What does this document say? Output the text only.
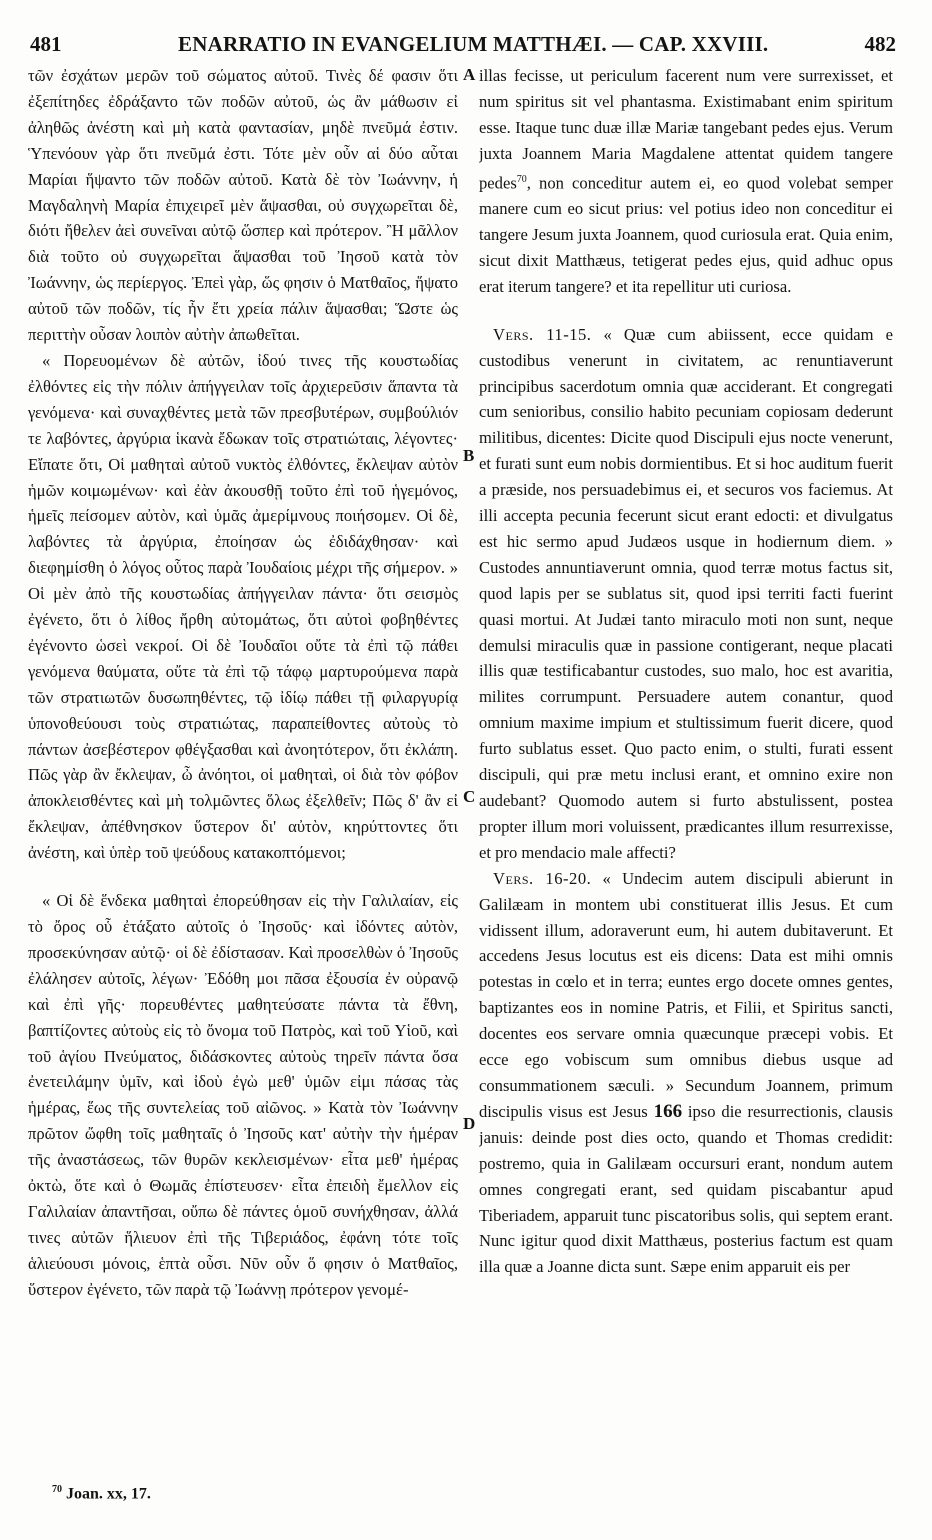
481	ENARRATIO IN EVANGELIUM MATTHÆI. — CAP. XXVIII.	482

τῶν ἐσχάτων μερῶν τοῦ σώματος αὐτοῦ. Τινὲς δέ φασιν ὅτι ἐξεπίτηδες ἐδράξαντο τῶν ποδῶν αὐτοῦ, ὡς ἂν μάθωσιν εἰ ἀληθῶς ἀνέστη καὶ μὴ κατὰ φαντασίαν, μηδὲ πνεῦμά ἐστιν. Ὑπενόουν γὰρ ὅτι πνεῦμά ἐστι. Τότε μὲν οὖν αἱ δύο αὗται Μαρίαι ἥψαντο τῶν ποδῶν αὐτοῦ. Κατὰ δὲ τὸν Ἰωάννην, ἡ Μαγδαληνὴ Μαρία ἐπιχειρεῖ μὲν ἅψασθαι, οὐ συγχωρεῖται δὲ, διότι ἤθελεν ἀεὶ συνεῖναι αὐτῷ ὥσπερ καὶ πρότερον. Ἢ μᾶλλον διὰ τοῦτο οὐ συγχωρεῖται ἅψασθαι τοῦ Ἰησοῦ κατὰ τὸν Ἰωάννην, ὡς περίεργος. Ἐπεὶ γὰρ, ὥς φησιν ὁ Ματθαῖος, ἥψατο αὐτοῦ τῶν ποδῶν, τίς ἦν ἔτι χρεία πάλιν ἅψασθαι; Ὥστε ὡς περιττὴν οὖσαν λοιπὸν αὐτὴν ἀπωθεῖται.

« Πορευομένων δὲ αὐτῶν, ἰδού τινες τῆς κουστωδίας ἐλθόντες εἰς τὴν πόλιν ἀπήγγειλαν τοῖς ἀρχιερεῦσιν ἅπαντα τὰ γενόμενα· καὶ συναχθέντες μετὰ τῶν πρεσβυτέρων, συμβούλιόν τε λαβόντες, ἀργύρια ἱκανὰ ἔδωκαν τοῖς στρατιώταις, λέγοντες· Εἴπατε ὅτι, Οἱ μαθηταὶ αὐτοῦ νυκτὸς ἐλθόντες, ἔκλεψαν αὐτὸν ἡμῶν κοιμωμένων· καὶ ἐὰν ἀκουσθῇ τοῦτο ἐπὶ τοῦ ἡγεμόνος, ἡμεῖς πείσομεν αὐτὸν, καὶ ὑμᾶς ἀμερίμνους ποιήσομεν. Οἱ δὲ, λαβόντες τὰ ἀργύρια, ἐποίησαν ὡς ἐδιδάχθησαν· καὶ διεφημίσθη ὁ λόγος οὗτος παρὰ Ἰουδαίοις μέχρι τῆς σήμερον. » Οἱ μὲν ἀπὸ τῆς κουστωδίας ἀπήγγειλαν πάντα· ὅτι σεισμὸς ἐγένετο, ὅτι ὁ λίθος ἤρθη αὐτομάτως, ὅτι αὐτοὶ φοβηθέντες ἐγένοντο ὡσεὶ νεκροί. Οἱ δὲ Ἰουδαῖοι οὔτε τὰ ἐπὶ τῷ πάθει γενόμενα θαύματα, οὔτε τὰ ἐπὶ τῷ τάφῳ μαρτυρούμενα παρὰ τῶν στρατιωτῶν δυσωπηθέντες, τῷ ἰδίῳ πάθει τῇ φιλαργυρίᾳ ὑπονοθεύουσι τοὺς στρατιώτας, παραπείθοντες αὐτοὺς τὸ πάντων ἀσεβέστερον φθέγξασθαι καὶ ἀνοητότερον, ὅτι ἐκλάπη. Πῶς γὰρ ἂν ἔκλεψαν, ὦ ἀνόητοι, οἱ μαθηταὶ, οἱ διὰ τὸν φόβον ἀποκλεισθέντες καὶ μὴ τολμῶντες ὅλως ἐξελθεῖν; Πῶς δ' ἂν εἰ ἔκλεψαν, ἀπέθνησκον ὕστερον δι' αὐτὸν, κηρύττοντες ὅτι ἀνέστη, καὶ ὑπὲρ τοῦ ψεύδους κατακοπτόμενοι;

« Οἱ δὲ ἕνδεκα μαθηταὶ ἐπορεύθησαν εἰς τὴν Γαλιλαίαν, εἰς τὸ ὄρος οὗ ἐτάξατο αὐτοῖς ὁ Ἰησοῦς· καὶ ἰδόντες αὐτὸν, προσεκύνησαν αὐτῷ· οἱ δὲ ἐδίστασαν. Καὶ προσελθὼν ὁ Ἰησοῦς ἐλάλησεν αὐτοῖς, λέγων· Ἐδόθη μοι πᾶσα ἐξουσία ἐν οὐρανῷ καὶ ἐπὶ γῆς· πορευθέντες μαθητεύσατε πάντα τὰ ἔθνη, βαπτίζοντες αὐτοὺς εἰς τὸ ὄνομα τοῦ Πατρὸς, καὶ τοῦ Υἱοῦ, καὶ τοῦ ἁγίου Πνεύματος, διδάσκοντες αὐτοὺς τηρεῖν πάντα ὅσα ἐνετειλάμην ὑμῖν, καὶ ἰδοὺ ἐγὼ μεθ' ὑμῶν εἰμι πάσας τὰς ἡμέρας, ἕως τῆς συντελείας τοῦ αἰῶνος. » Κατὰ τὸν Ἰωάννην πρῶτον ὤφθη τοῖς μαθηταῖς ὁ Ἰησοῦς κατ' αὐτὴν τὴν ἡμέραν τῆς ἀναστάσεως, τῶν θυρῶν κεκλεισμένων· εἶτα μεθ' ἡμέρας ὀκτὼ, ὅτε καὶ ὁ Θωμᾶς ἐπίστευσεν· εἶτα ἐπειδὴ ἔμελλον εἰς Γαλιλαίαν ἀπαντῆσαι, οὔπω δὲ πάντες ὁμοῦ συνήχθησαν, ἀλλά τινες αὐτῶν ἥλιευον ἐπὶ τῆς Τιβεριάδος, ἐφάνη τότε τοῖς ἁλιεύουσι μόνοις, ἑπτὰ οὖσι. Νῦν οὖν ὅ φησιν ὁ Ματθαῖος, ὕστερον ἐγένετο, τῶν παρὰ τῷ Ἰωάννῃ πρότερον γενομέ-

A
B
C
D

illas fecisse, ut periculum facerent num vere surrexisset, et num spiritus sit vel phantasma. Existimabant enim spiritum esse. Itaque tunc duæ illæ Mariæ tangebant pedes ejus. Verum juxta Joannem Maria Magdalene attentat quidem tangere pedes$^{70}$, non conceditur autem ei, eo quod volebat semper manere cum eo sicut prius: vel potius ideo non conceditur ei tangere Jesum juxta Joannem, quod curiosula erat. Quia enim, sicut dixit Matthæus, tetigerat pedes ejus, quid adhuc opus erat iterum tangere? et ita repellitur uti curiosa.

Vers. 11-15. « Quæ cum abiissent, ecce quidam e custodibus venerunt in civitatem, ac renuntiaverunt principibus sacerdotum omnia quæ acciderant. Et congregati cum senioribus, consilio habito pecuniam copiosam dederunt militibus, dicentes: Dicite quod Discipuli ejus nocte venerunt, et furati sunt eum nobis dormientibus. Et si hoc auditum fuerit a præside, nos persuadebimus ei, et securos vos faciemus. At illi accepta pecunia fecerunt sicut erant edocti: et divulgatus est hic sermo apud Judæos usque in hodiernum diem. » Custodes annuntiaverunt omnia, quod terræ motus factus sit, quod lapis per se sublatus sit, quod ipsi territi facti fuerint quasi mortui. At Judæi tanto miraculo moti non sunt, neque demulsi miraculis quæ in passione contigerant, neque placati illis quæ testificabantur custodes, suo malo, hoc est avaritia, milites corrumpunt. Persuadere autem conantur, quod omnium maxime impium et stultissimum fuerit dicere, quod furto sublatus esset. Quo pacto enim, o stulti, furati essent discipuli, qui præ metu inclusi erant, et omnino exire non audebant? Quomodo autem si furto abstulissent, postea propter illum mori voluissent, prædicantes illum resurrexisse, et pro mendacio male affecti?

Vers. 16-20. « Undecim autem discipuli abierunt in Galilæam in montem ubi constituerat illis Jesus. Et cum vidissent illum, adoraverunt eum, hi autem dubitaverunt. Et accedens Jesus locutus est eis dicens: Data est mihi omnis potestas in cœlo et in terra; euntes ergo docete omnes gentes, baptizantes eos in nomine Patris, et Filii, et Spiritus sancti, docentes eos servare omnia quæcunque præcepi vobis. Et ecce ego vobiscum sum omnibus diebus usque ad consummationem sæculi. » Secundum Joannem, primum discipulis visus est Jesus 166 ipso die resurrectionis, clausis januis: deinde post dies octo, quando et Thomas credidit: postremo, quia in Galilæam occursuri erant, nondum autem omnes congregati erant, sed quidam piscabantur apud Tiberiadem, apparuit tunc piscatoribus solis, qui septem erant. Nunc igitur quod dixit Matthæus, posterius factum est quam illa quæ a Joanne dicta sunt. Sæpe enim apparuit eis per

$^{70}$ Joan. xx, 17.
